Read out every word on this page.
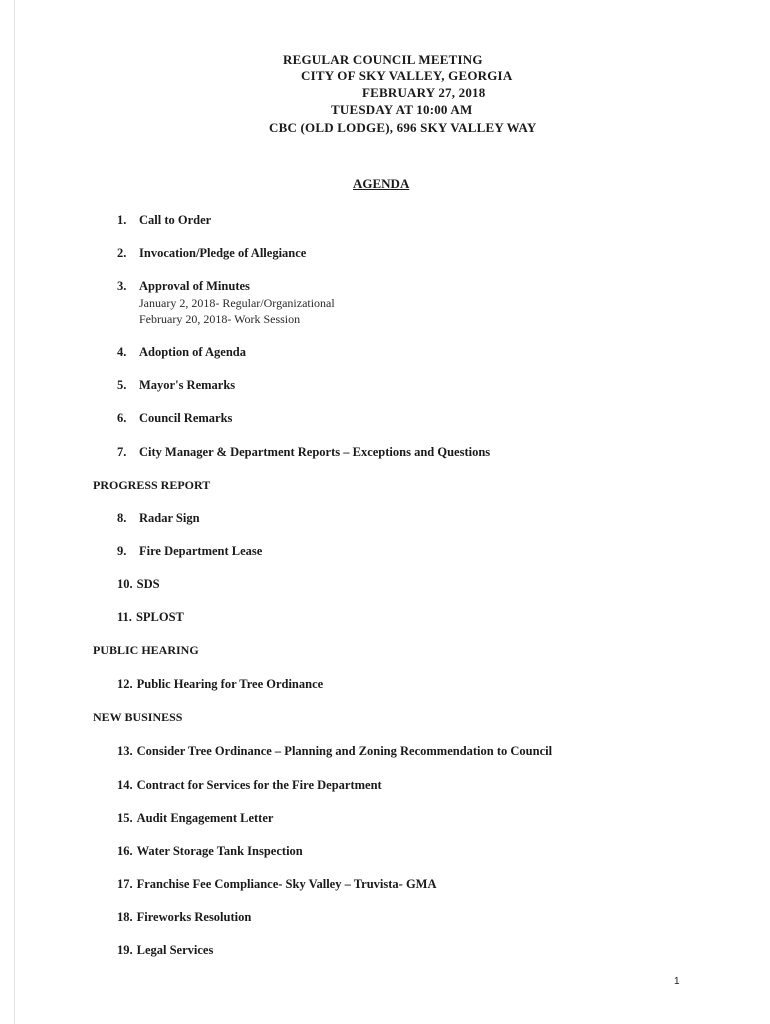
REGULAR COUNCIL MEETING
CITY OF SKY VALLEY, GEORGIA
FEBRUARY 27, 2018
TUESDAY AT 10:00 AM
CBC (OLD LODGE), 696 SKY VALLEY WAY
AGENDA
1. Call to Order
2. Invocation/Pledge of Allegiance
3. Approval of Minutes
January 2, 2018- Regular/Organizational
February 20, 2018- Work Session
4. Adoption of Agenda
5. Mayor's Remarks
6. Council Remarks
7. City Manager & Department Reports – Exceptions and Questions
PROGRESS REPORT
8. Radar Sign
9. Fire Department Lease
10. SDS
11. SPLOST
PUBLIC HEARING
12. Public Hearing for Tree Ordinance
NEW BUSINESS
13. Consider Tree Ordinance – Planning and Zoning Recommendation to Council
14. Contract for Services for the Fire Department
15. Audit Engagement Letter
16. Water Storage Tank Inspection
17. Franchise Fee Compliance- Sky Valley – Truvista- GMA
18. Fireworks Resolution
19. Legal Services
1
